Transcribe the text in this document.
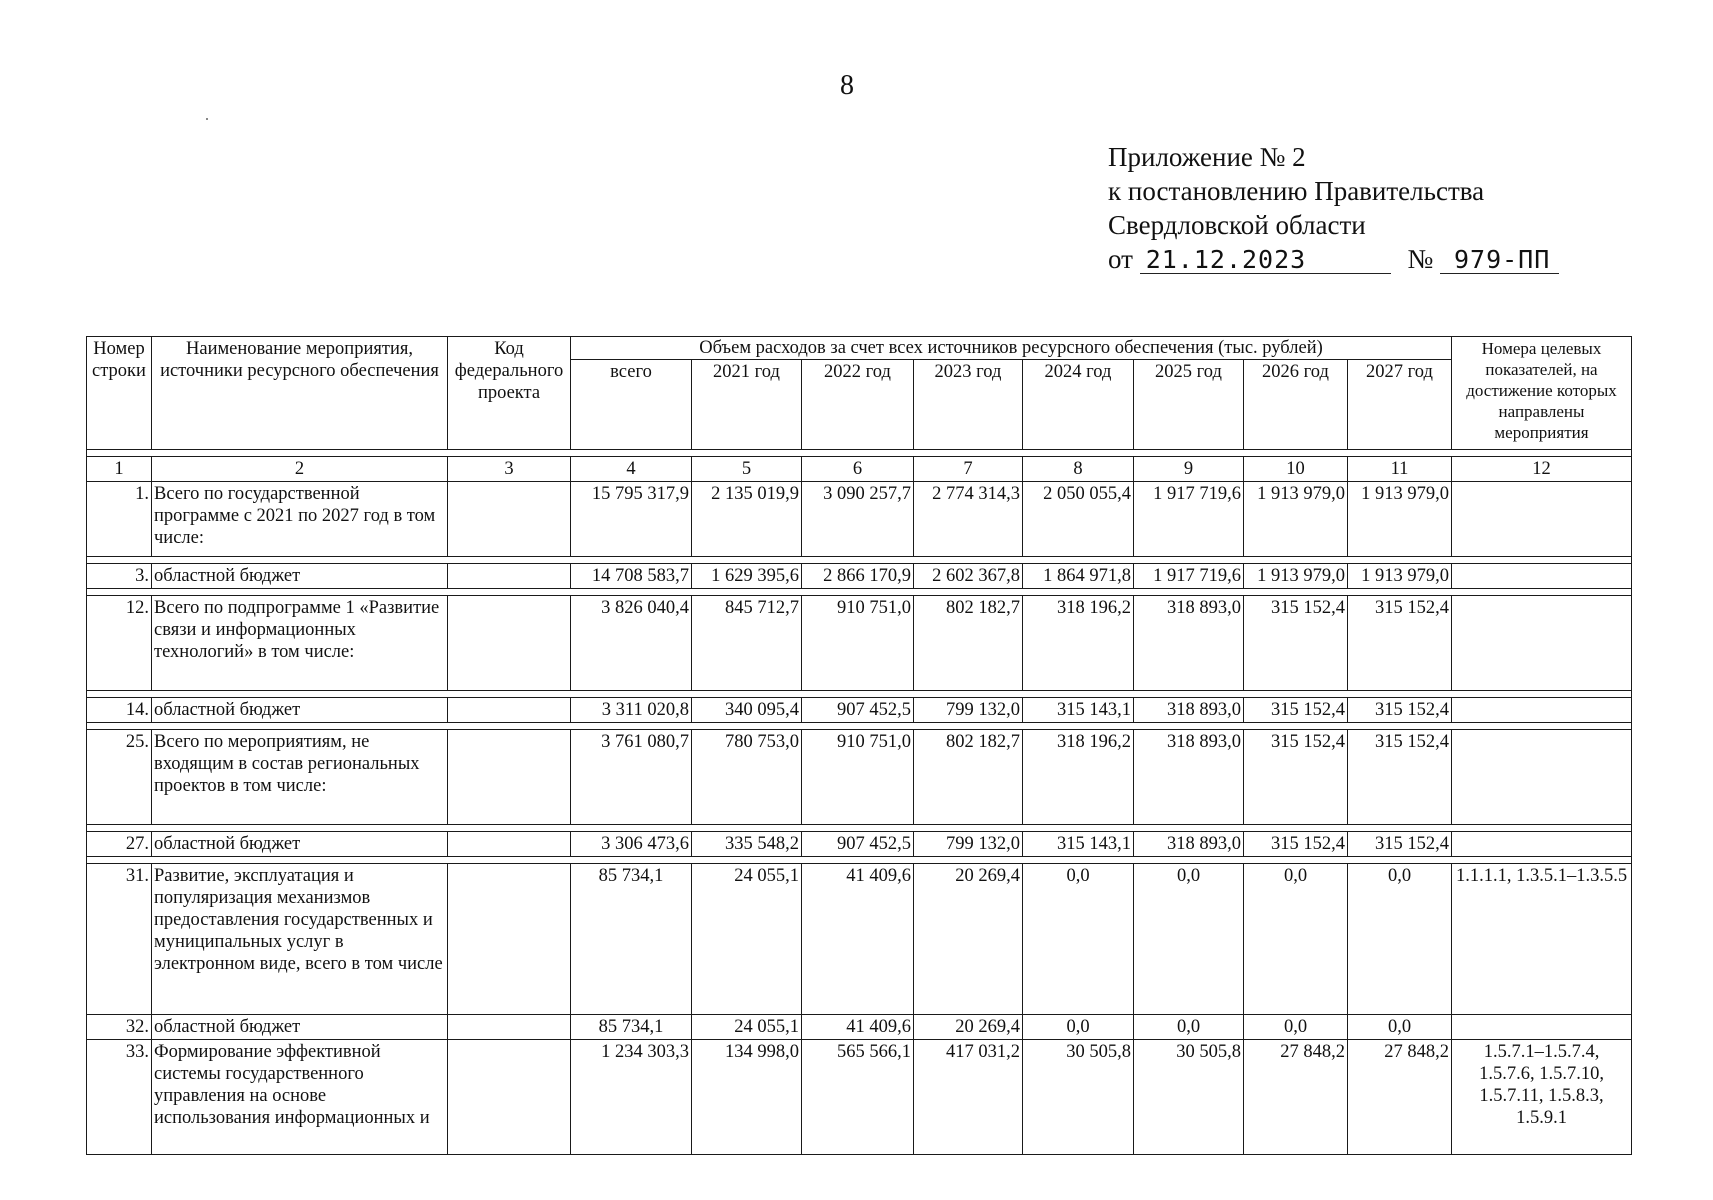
8
Приложение № 2
к постановлению Правительства
Свердловской области
от 21.12.2023	№ 979-ПП
Номер строки	Наименование мероприятия, источники ресурсного обеспечения	Код федерального проекта	Объем расходов за счет всех источников ресурсного обеспечения (тыс. рублей)								Номера целевых показателей, на достижение которых направлены мероприятия
			всего	2021 год	2022 год	2023 год	2024 год	2025 год	2026 год	2027 год	

1	2	3	4	5	6	7	8	9	10	11	12
1.	Всего по государственной программе с 2021 по 2027 год в том числе:		15 795 317,9	2 135 019,9	3 090 257,7	2 774 314,3	2 050 055,4	1 917 719,6	1 913 979,0	1 913 979,0	

3.	областной бюджет		14 708 583,7	1 629 395,6	2 866 170,9	2 602 367,8	1 864 971,8	1 917 719,6	1 913 979,0	1 913 979,0	

12.	Всего по подпрограмме 1 «Развитие связи и информационных технологий» в том числе:		3 826 040,4	845 712,7	910 751,0	802 182,7	318 196,2	318 893,0	315 152,4	315 152,4	

14.	областной бюджет		3 311 020,8	340 095,4	907 452,5	799 132,0	315 143,1	318 893,0	315 152,4	315 152,4	

25.	Всего по мероприятиям, не входящим в состав региональных проектов в том числе:		3 761 080,7	780 753,0	910 751,0	802 182,7	318 196,2	318 893,0	315 152,4	315 152,4	

27.	областной бюджет		3 306 473,6	335 548,2	907 452,5	799 132,0	315 143,1	318 893,0	315 152,4	315 152,4	

31.	Развитие, эксплуатация и популяризация механизмов предоставления государственных и муниципальных услуг в электронном виде, всего в том числе		85 734,1	24 055,1	41 409,6	20 269,4	0,0	0,0	0,0	0,0	1.1.1.1, 1.3.5.1–1.3.5.5
32.	областной бюджет		85 734,1	24 055,1	41 409,6	20 269,4	0,0	0,0	0,0	0,0	
33.	Формирование эффективной системы государственного управления на основе использования информационных и		1 234 303,3	134 998,0	565 566,1	417 031,2	30 505,8	30 505,8	27 848,2	27 848,2	1.5.7.1–1.5.7.4, 1.5.7.6, 1.5.7.10, 1.5.7.11, 1.5.8.3, 1.5.9.1
